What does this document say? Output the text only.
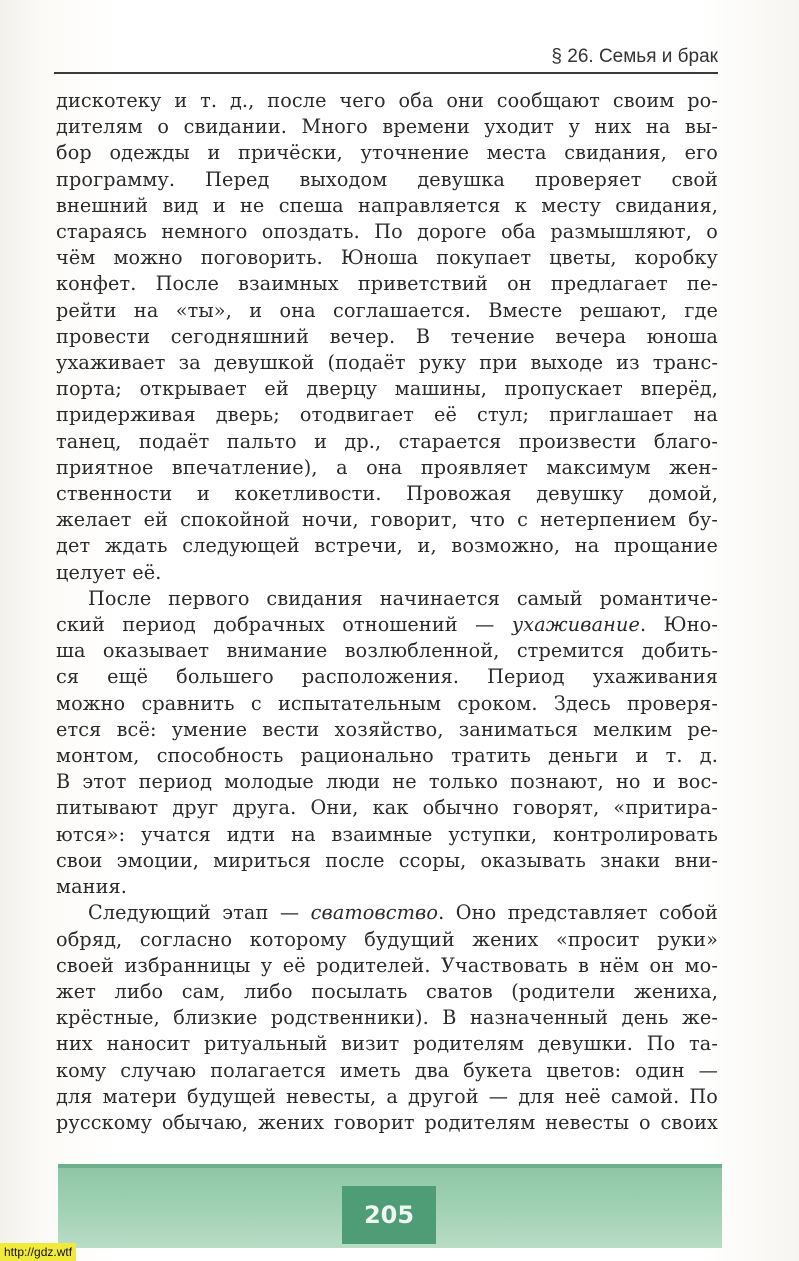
§ 26. Семья и брак

дискотеку и т. д., после чего оба они сообщают своим ро-
дителям о свидании. Много времени уходит у них на вы-
бор одежды и причёски, уточнение места свидания, его
программу. Перед выходом девушка проверяет свой
внешний вид и не спеша направляется к месту свидания,
стараясь немного опоздать. По дороге оба размышляют, о
чём можно поговорить. Юноша покупает цветы, коробку
конфет. После взаимных приветствий он предлагает пе-
рейти на «ты», и она соглашается. Вместе решают, где
провести сегодняшний вечер. В течение вечера юноша
ухаживает за девушкой (подаёт руку при выходе из транс-
порта; открывает ей дверцу машины, пропускает вперёд,
придерживая дверь; отодвигает её стул; приглашает на
танец, подаёт пальто и др., старается произвести благо-
приятное впечатление), а она проявляет максимум жен-
ственности и кокетливости. Провожая девушку домой,
желает ей спокойной ночи, говорит, что с нетерпением бу-
дет ждать следующей встречи, и, возможно, на прощание
целует её.

После первого свидания начинается самый романтиче-
ский период добрачных отношений — ухаживание. Юно-
ша оказывает внимание возлюбленной, стремится добить-
ся ещё большего расположения. Период ухаживания
можно сравнить с испытательным сроком. Здесь проверя-
ется всё: умение вести хозяйство, заниматься мелким ре-
монтом, способность рационально тратить деньги и т. д.
В этот период молодые люди не только познают, но и вос-
питывают друг друга. Они, как обычно говорят, «притира-
ются»: учатся идти на взаимные уступки, контролировать
свои эмоции, мириться после ссоры, оказывать знаки вни-
мания.

Следующий этап — сватовство. Оно представляет собой
обряд, согласно которому будущий жених «просит руки»
своей избранницы у её родителей. Участвовать в нём он мо-
жет либо сам, либо посылать сватов (родители жениха,
крёстные, близкие родственники). В назначенный день же-
них наносит ритуальный визит родителям девушки. По та-
кому случаю полагается иметь два букета цветов: один —
для матери будущей невесты, а другой — для неё самой. По
русскому обычаю, жених говорит родителям невесты о своих

205
http://gdz.wtf
